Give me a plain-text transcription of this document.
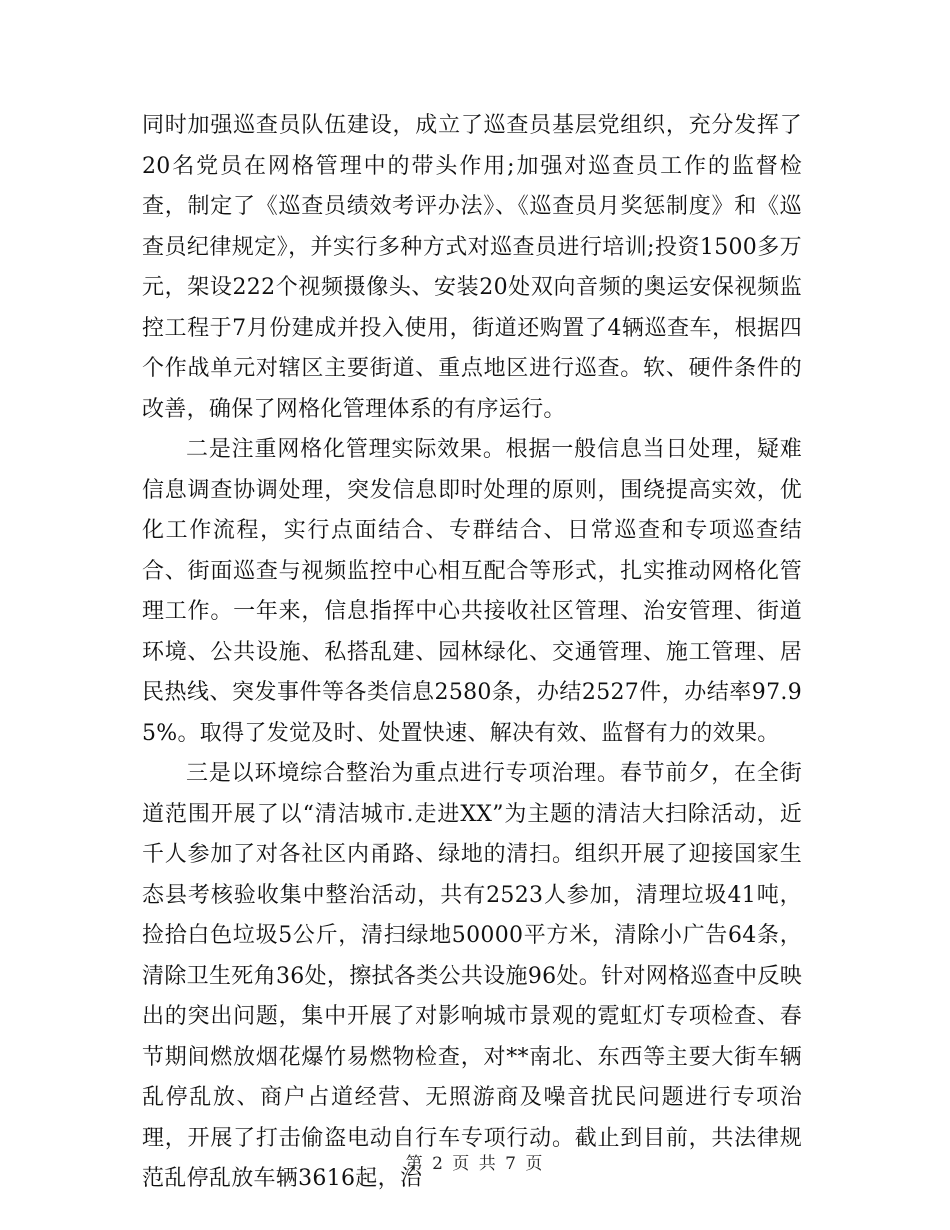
同时加强巡查员队伍建设，成立了巡查员基层党组织，充分发挥了20名党员在网格管理中的带头作用;加强对巡查员工作的监督检查，制定了《巡查员绩效考评办法》、《巡查员月奖惩制度》和《巡查员纪律规定》，并实行多种方式对巡查员进行培训;投资1500多万元，架设222个视频摄像头、安装20处双向音频的奥运安保视频监控工程于7月份建成并投入使用，街道还购置了4辆巡查车，根据四个作战单元对辖区主要街道、重点地区进行巡查。软、硬件条件的改善，确保了网格化管理体系的有序运行。

二是注重网格化管理实际效果。根据一般信息当日处理，疑难信息调查协调处理，突发信息即时处理的原则，围绕提高实效，优化工作流程，实行点面结合、专群结合、日常巡查和专项巡查结合、街面巡查与视频监控中心相互配合等形式，扎实推动网格化管理工作。一年来，信息指挥中心共接收社区管理、治安管理、街道环境、公共设施、私搭乱建、园林绿化、交通管理、施工管理、居民热线、突发事件等各类信息2580条，办结2527件，办结率97.95%。取得了发觉及时、处置快速、解决有效、监督有力的效果。

三是以环境综合整治为重点进行专项治理。春节前夕，在全街道范围开展了以“清洁城市.走进XX”为主题的清洁大扫除活动，近千人参加了对各社区内甬路、绿地的清扫。组织开展了迎接国家生态县考核验收集中整治活动，共有2523人参加，清理垃圾41吨，捡拾白色垃圾5公斤，清扫绿地50000平方米，清除小广告64条，清除卫生死角36处，擦拭各类公共设施96处。针对网格巡查中反映出的突出问题，集中开展了对影响城市景观的霓虹灯专项检查、春节期间燃放烟花爆竹易燃物检查，对**南北、东西等主要大街车辆乱停乱放、商户占道经营、无照游商及噪音扰民问题进行专项治理，开展了打击偷盗电动自行车专项行动。截止到目前，共法律规范乱停乱放车辆3616起，治

第 2 页 共 7 页
